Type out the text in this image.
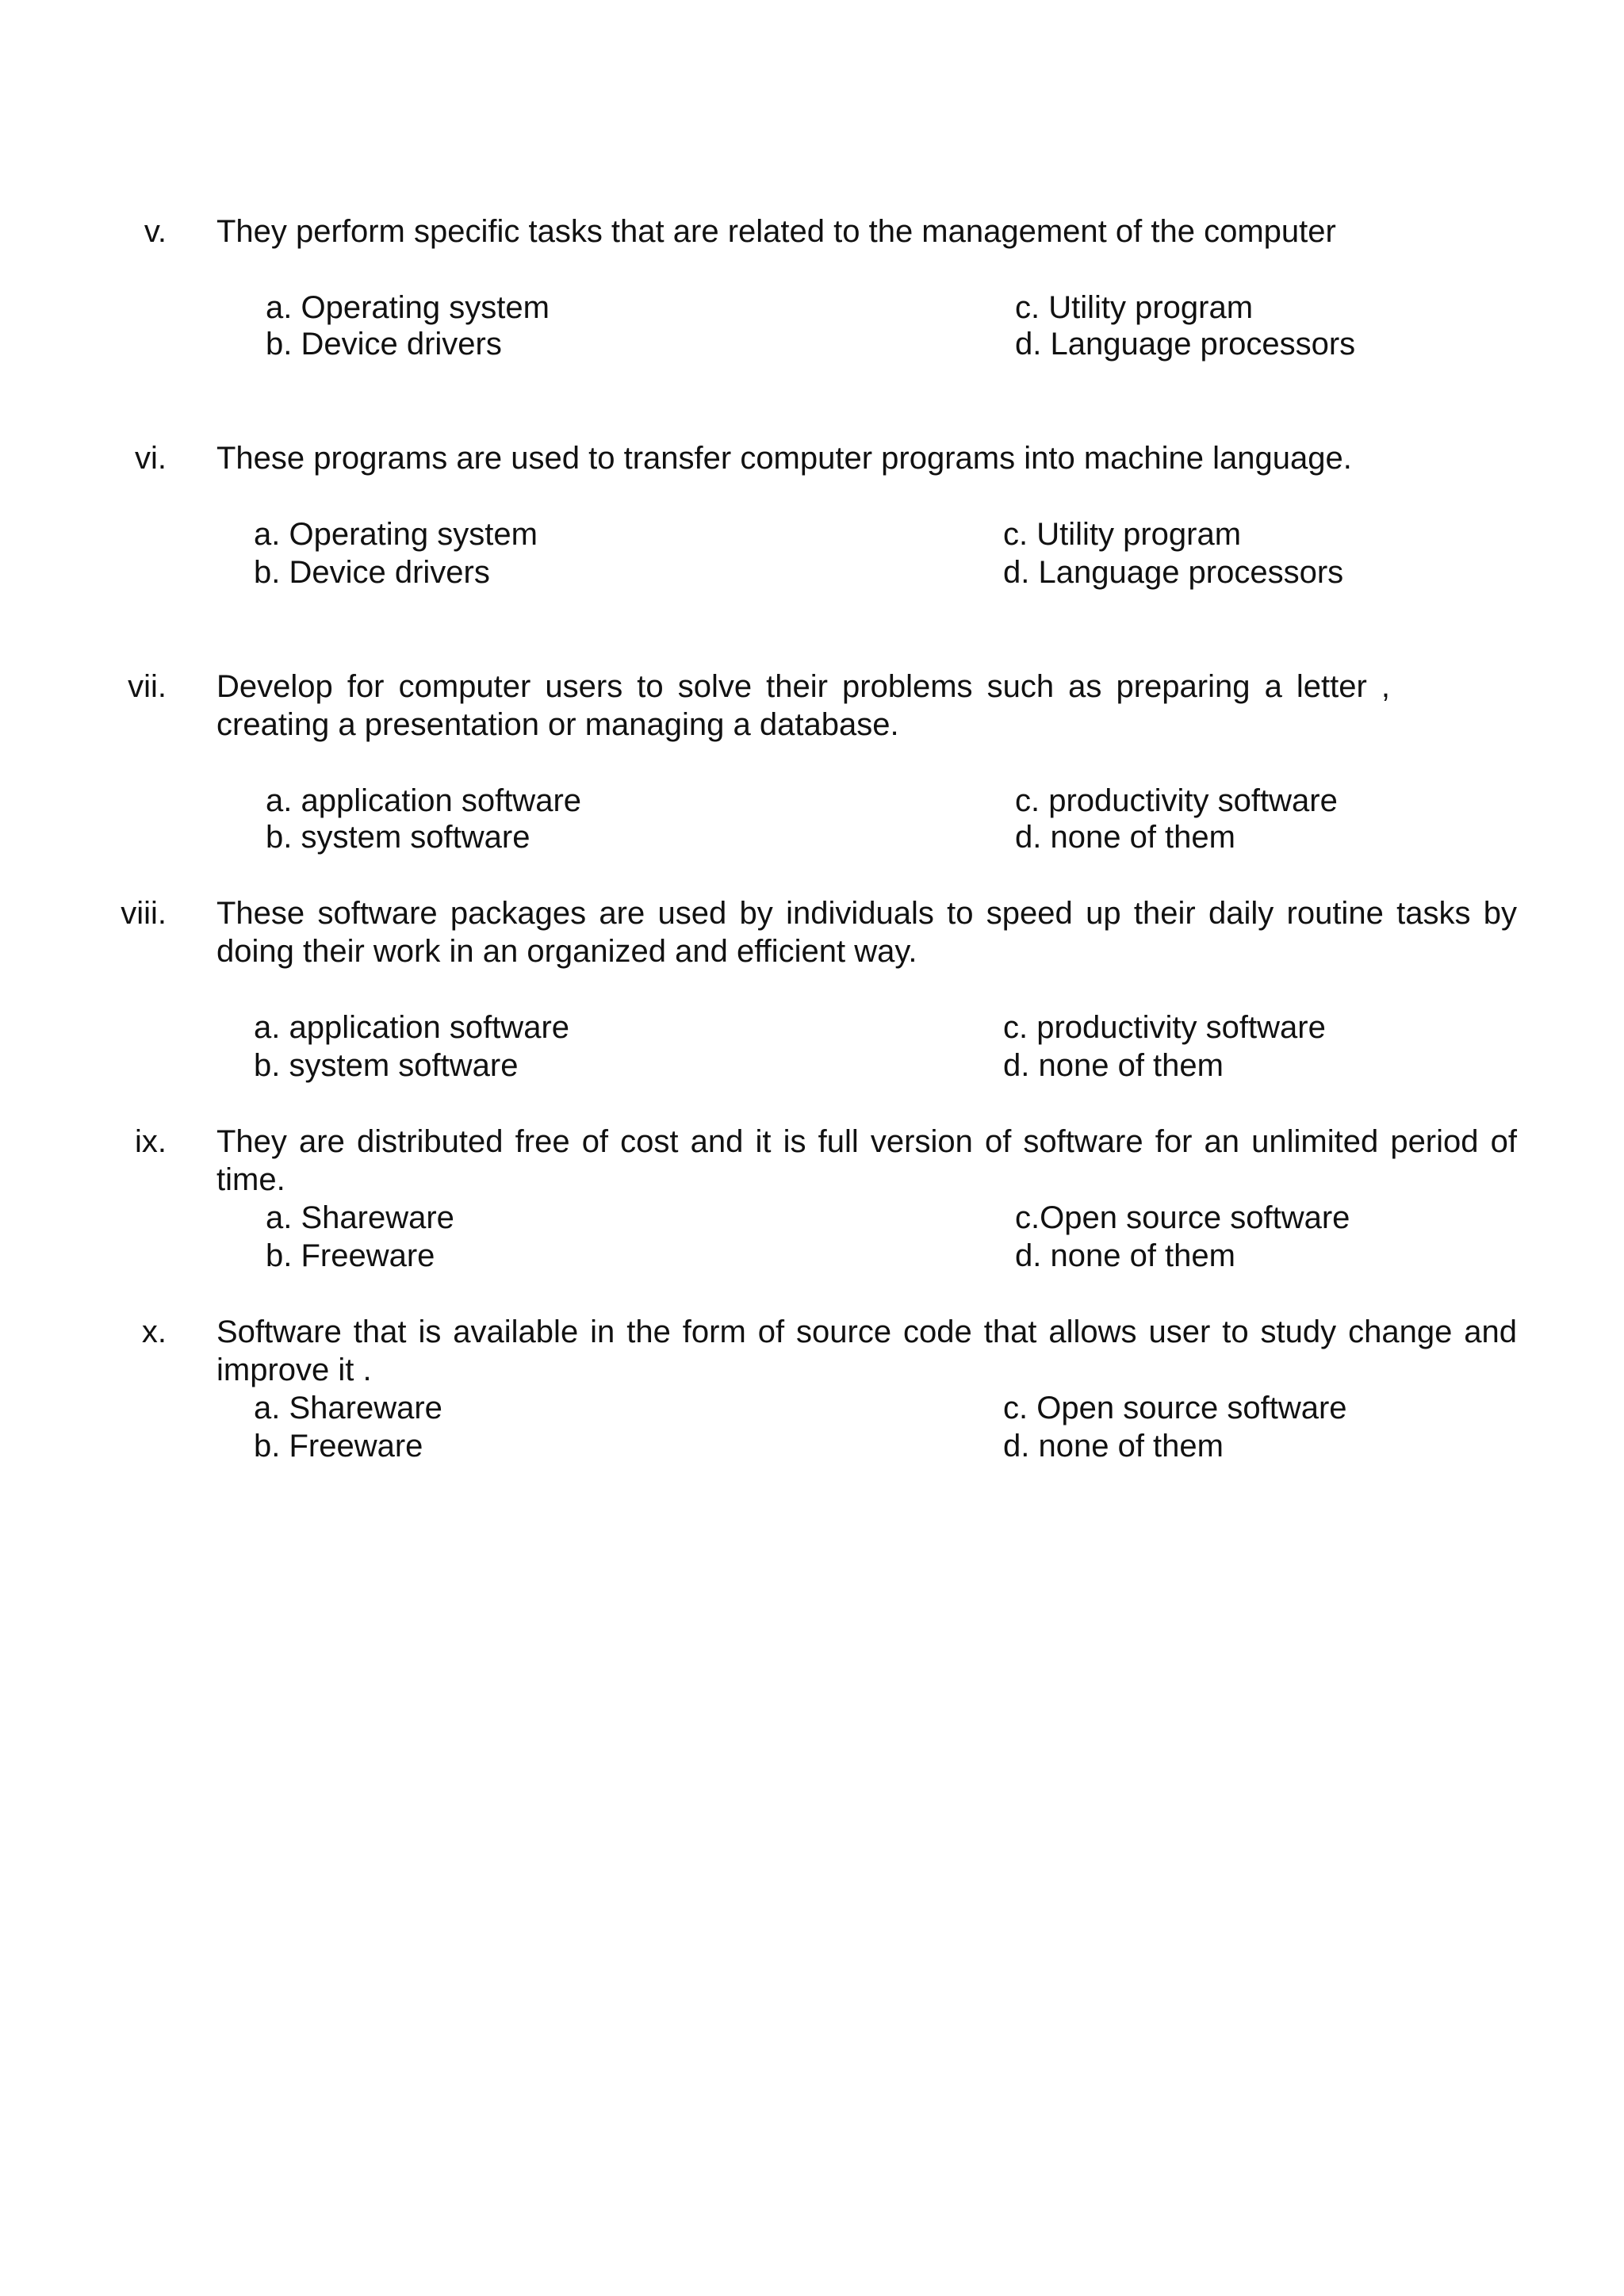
v. They perform specific tasks that are related to the management of the computer
a. Operating system
b. Device drivers
c. Utility program
d. Language processors
vi. These programs are used to transfer computer programs into machine language.
a. Operating system
b. Device drivers
c. Utility program
d. Language processors
vii. Develop for computer users to solve their problems such as preparing a letter , creating a presentation or managing a database.
a. application software
b. system software
c. productivity software
d. none of them
viii. These software packages are used by individuals to speed up their daily routine tasks by doing their work in an organized and efficient way.
a. application software
b. system software
c. productivity software
d. none of them
ix. They are distributed free of cost and it is full version of software for an unlimited period of time.
a. Shareware
b. Freeware
c.Open source software
d. none of them
x. Software that is available in the form of source code that allows user to study change and improve it .
a. Shareware
b. Freeware
c. Open source software
d. none of them
